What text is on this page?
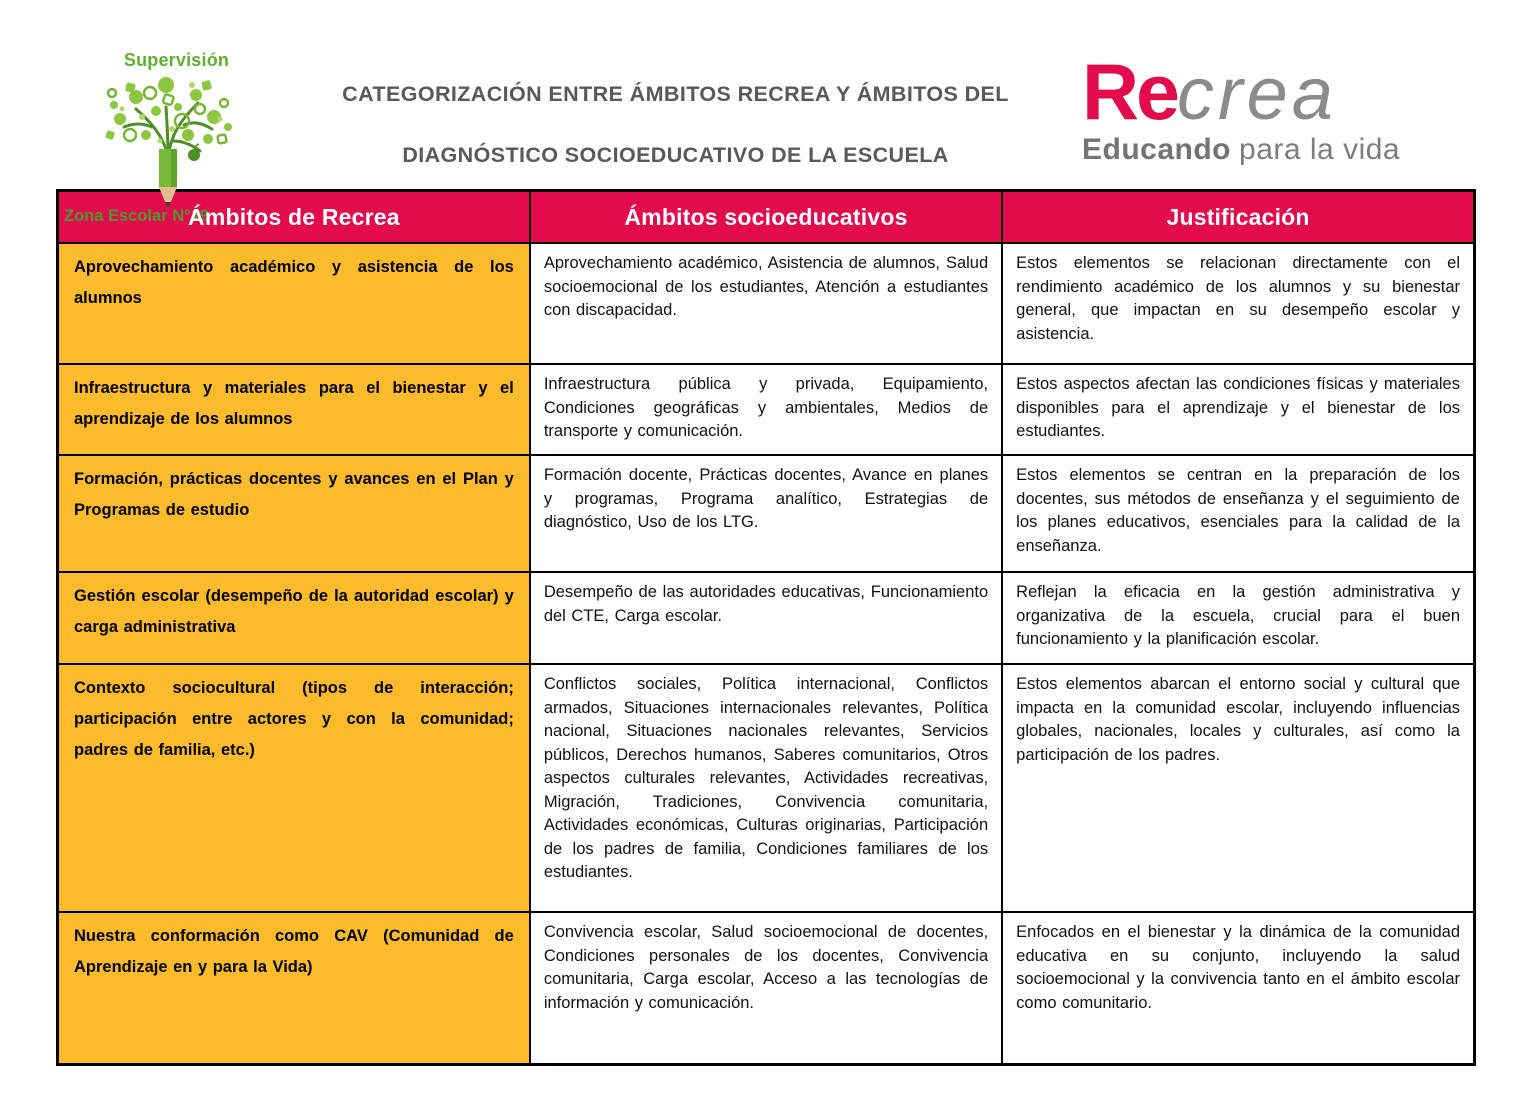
Supervisión
Zona Escolar N°19
CATEGORIZACIÓN ENTRE ÁMBITOS RECREA Y ÁMBITOS DEL
DIAGNÓSTICO SOCIOEDUCATIVO DE LA ESCUELA
Recrea
Educando para la vida
Ámbitos de Recrea	Ámbitos socioeducativos	Justificación
Aprovechamiento académico y asistencia de los alumnos	Aprovechamiento académico, Asistencia de alumnos, Salud socioemocional de los estudiantes, Atención a estudiantes con discapacidad.	Estos elementos se relacionan directamente con el rendimiento académico de los alumnos y su bienestar general, que impactan en su desempeño escolar y asistencia.
Infraestructura y materiales para el bienestar y el aprendizaje de los alumnos	Infraestructura pública y privada, Equipamiento, Condiciones geográficas y ambientales, Medios de transporte y comunicación.	Estos aspectos afectan las condiciones físicas y materiales disponibles para el aprendizaje y el bienestar de los estudiantes.
Formación, prácticas docentes y avances en el Plan y Programas de estudio	Formación docente, Prácticas docentes, Avance en planes y programas, Programa analítico, Estrategias de diagnóstico, Uso de los LTG.	Estos elementos se centran en la preparación de los docentes, sus métodos de enseñanza y el seguimiento de los planes educativos, esenciales para la calidad de la enseñanza.
Gestión escolar (desempeño de la autoridad escolar) y carga administrativa	Desempeño de las autoridades educativas, Funcionamiento del CTE, Carga escolar.	Reflejan la eficacia en la gestión administrativa y organizativa de la escuela, crucial para el buen funcionamiento y la planificación escolar.
Contexto sociocultural (tipos de interacción; participación entre actores y con la comunidad; padres de familia, etc.)	Conflictos sociales, Política internacional, Conflictos armados, Situaciones internacionales relevantes, Política nacional, Situaciones nacionales relevantes, Servicios públicos, Derechos humanos, Saberes comunitarios, Otros aspectos culturales relevantes, Actividades recreativas, Migración, Tradiciones, Convivencia comunitaria, Actividades económicas, Culturas originarias, Participación de los padres de familia, Condiciones familiares de los estudiantes.	Estos elementos abarcan el entorno social y cultural que impacta en la comunidad escolar, incluyendo influencias globales, nacionales, locales y culturales, así como la participación de los padres.
Nuestra conformación como CAV (Comunidad de Aprendizaje en y para la Vida)	Convivencia escolar, Salud socioemocional de docentes, Condiciones personales de los docentes, Convivencia comunitaria, Carga escolar, Acceso a las tecnologías de información y comunicación.	Enfocados en el bienestar y la dinámica de la comunidad educativa en su conjunto, incluyendo la salud socioemocional y la convivencia tanto en el ámbito escolar como comunitario.
